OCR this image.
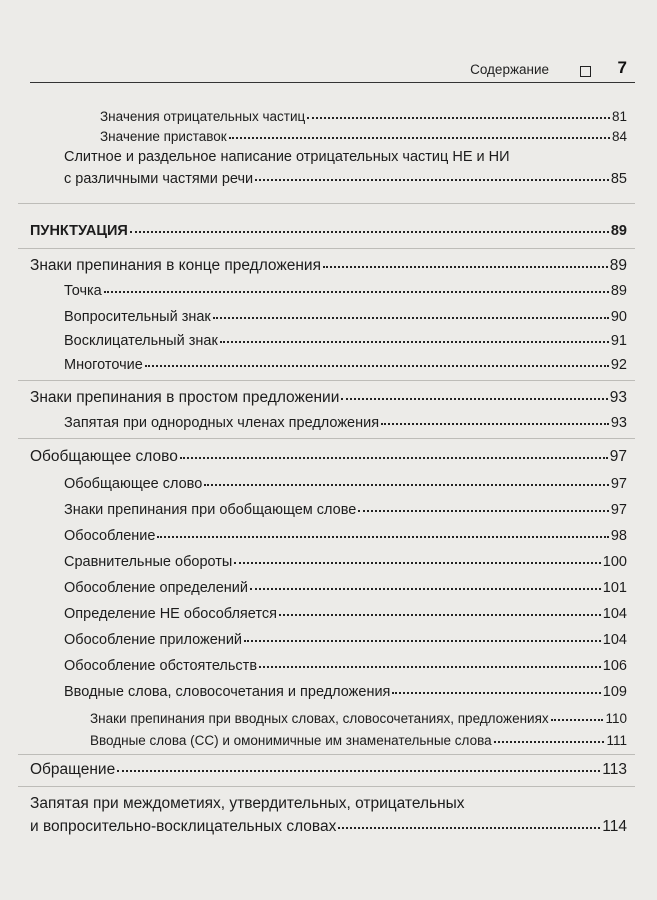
Содержание	7
Значения отрицательных частиц	81
Значение приставок	84
Слитное и раздельное написание отрицательных частиц НЕ и НИ
с различными частями речи	85
ПУНКТУАЦИЯ	89
Знаки препинания в конце предложения	89
Точка	89
Вопросительный знак	90
Восклицательный знак	91
Многоточие	92
Знаки препинания в простом предложении	93
Запятая при однородных членах предложения	93
Обобщающее слово	97
Обобщающее слово	97
Знаки препинания при обобщающем слове	97
Обособление	98
Сравнительные обороты	100
Обособление определений	101
Определение НЕ обособляется	104
Обособление приложений	104
Обособление обстоятельств	106
Вводные слова, словосочетания и предложения	109
Знаки препинания при вводных словах, словосочетаниях, предложениях	110
Вводные слова (СС) и омонимичные им знаменательные слова	111
Обращение	113
Запятая при междометиях, утвердительных, отрицательных
и вопросительно-восклицательных словах	114
